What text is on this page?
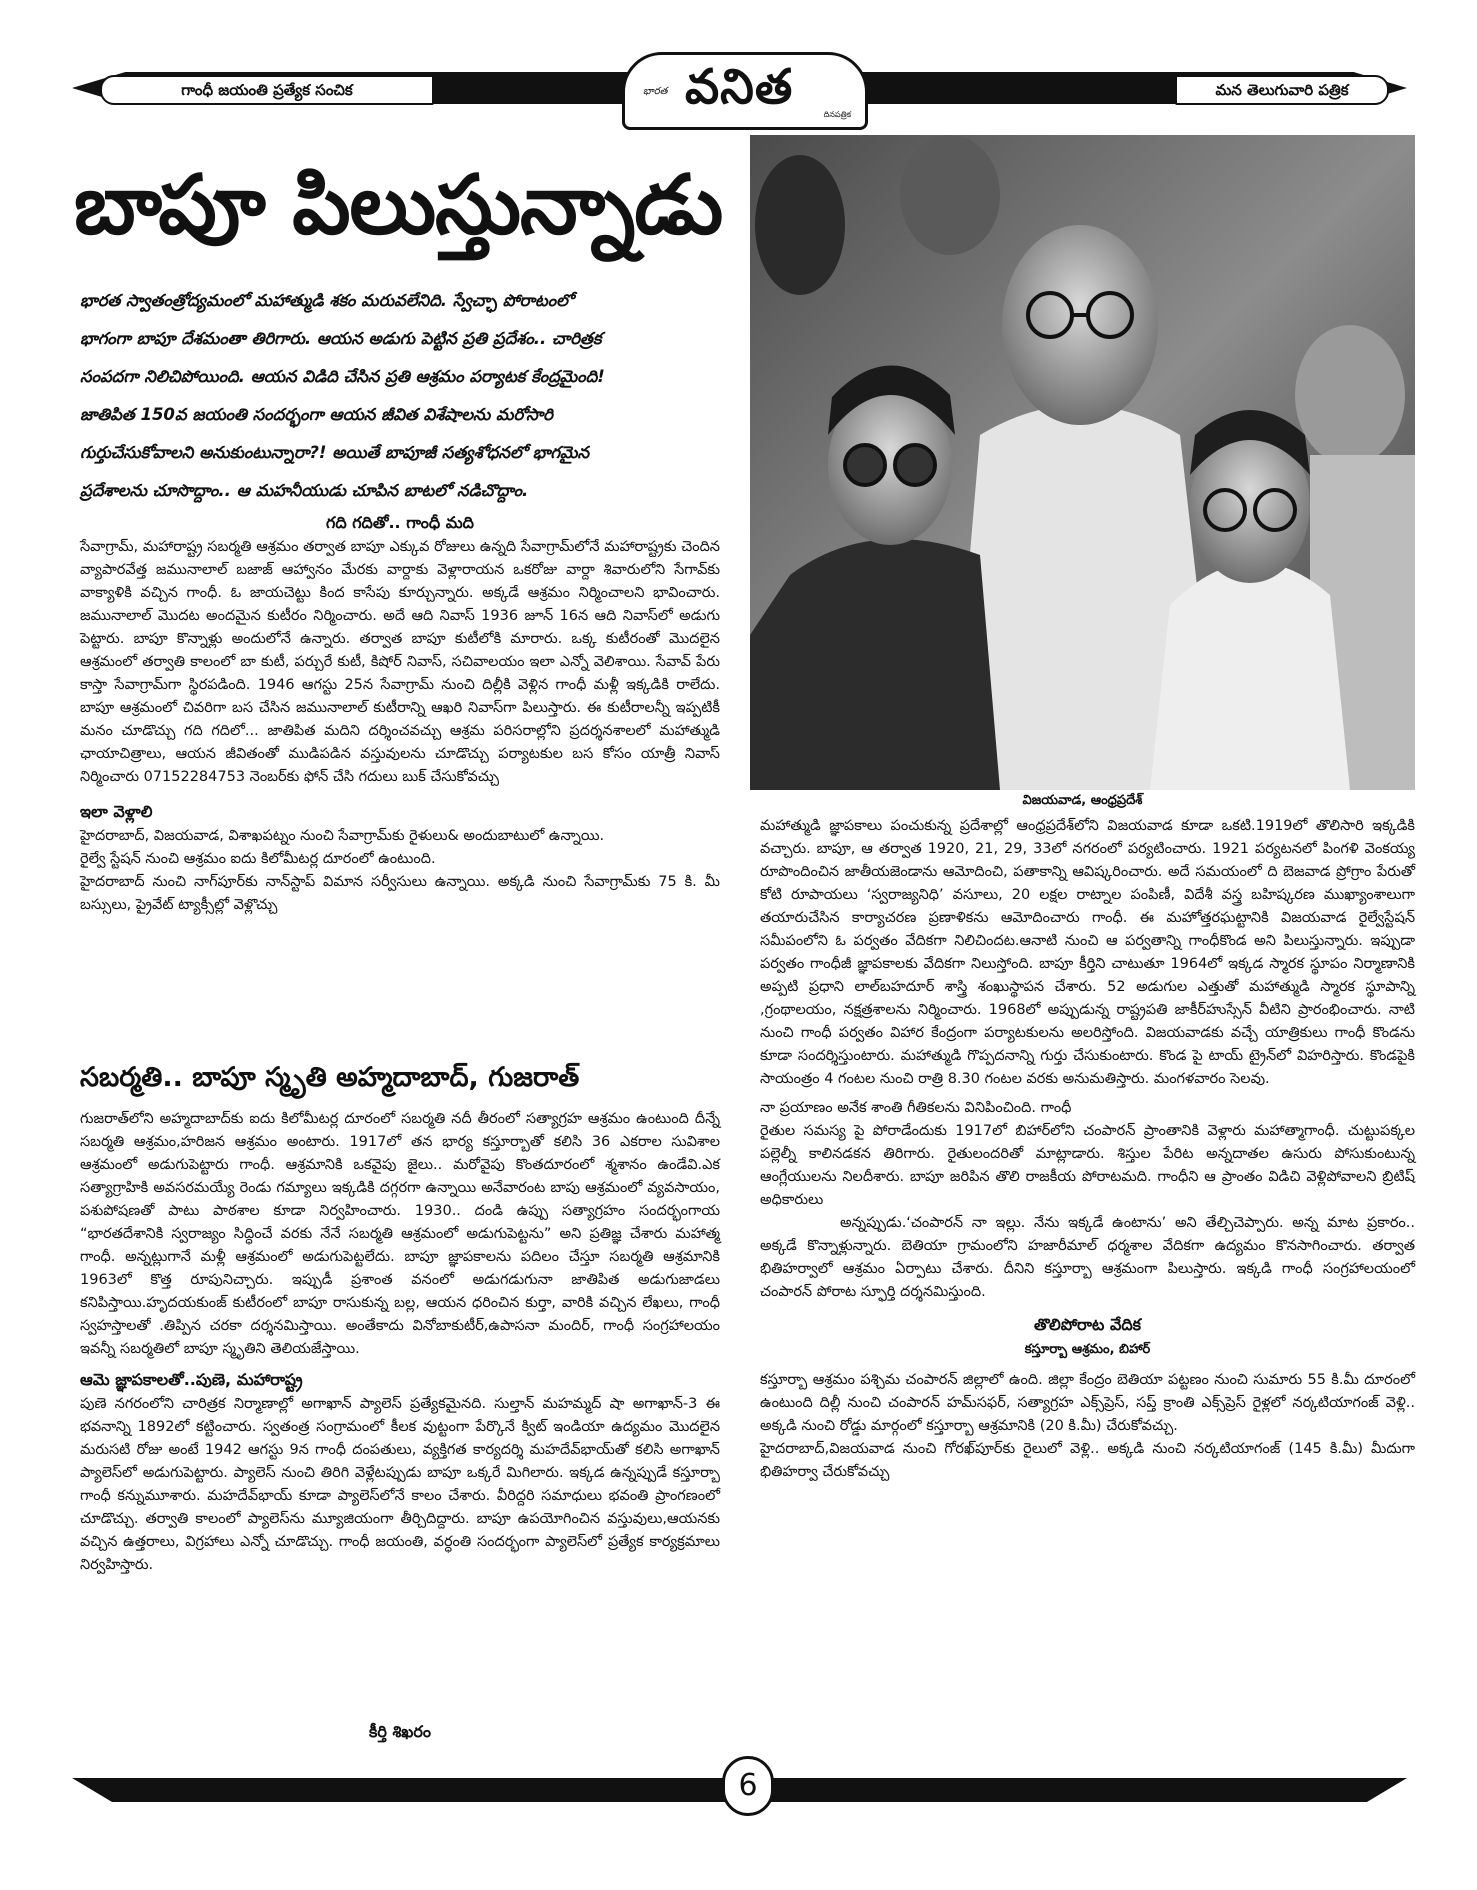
గాంధీ జయంతి ప్రత్యేక సంచిక	మన తెలుగువారి పత్రిక
భారత వనిత	దినపత్రిక
బాపూ పిలుస్తున్నాడు

భారత స్వాతంత్రోద్యమంలో మహాత్ముడి శకం మరువలేనిది. స్వేచ్ఛా పోరాటంలో

భాగంగా బాపూ దేశమంతా తిరిగారు. ఆయన అడుగు పెట్టిన ప్రతి ప్రదేశం.. చారిత్రక

సంపదగా నిలిచిపోయింది. ఆయన విడిది చేసిన ప్రతి ఆశ్రమం పర్యాటక కేంద్రమైంది!

జాతిపిత 150వ జయంతి సందర్భంగా ఆయన జీవిత విశేషాలను మరోసారి

గుర్తుచేసుకోవాలని అనుకుంటున్నారా?! అయితే బాపూజీ సత్యశోధనలో భాగమైన

ప్రదేశాలను చూసొద్దాం.. ఆ మహనీయుడు చూపిన బాటలో నడిచొద్దాం.

గది గదితో.. గాంధీ మది

సేవాగ్రామ్, మహారాష్ట్ర సబర్మతి ఆశ్రమం తర్వాత బాపూ ఎక్కువ రోజులు ఉన్నది సేవాగ్రామ్‌లోనే మహారాష్ట్రకు చెందిన వ్యాపారవేత్త జమునాలాల్ బజాజ్ ఆహ్వానం మేరకు వార్దాకు వెళ్లారాయన ఒకరోజు వార్దా శివారులోని సేగావ్‌కు వాక్యాళికి వచ్చిన గాంధీ. ఓ జాయచెట్టు కింద కాసేపు కూర్చున్నారు. అక్కడే ఆశ్రమం నిర్మించాలని భావించారు. జమునాలాల్ మొదట అందమైన కుటీరం నిర్మించారు. అదే ఆది నివాస్ 1936 జూన్ 16న ఆది నివాస్‌లో అడుగు పెట్టారు. బాపూ కొన్నాళ్లు అందులోనే ఉన్నారు. తర్వాత బాపూ కుటీలోకి మారారు. ఒక్క కుటీరంతో మొదలైన ఆశ్రమంలో తర్వాతి కాలంలో బా కుటీ, పర్చురే కుటీ, కిషోర్ నివాస్, సచివాలయం ఇలా ఎన్నో వెలిశాయి. సేవావ్ పేరు కాస్తా సేవాగ్రామ్‌గా స్థిరపడింది. 1946 ఆగస్టు 25న సేవాగ్రామ్ నుంచి దిల్లీకి వెళ్లిన గాంధీ మళ్లీ ఇక్కడికి రాలేదు. బాపూ ఆశ్రమంలో చివరిగా బస చేసిన జమునాలాల్ కుటీరాన్ని ఆఖరి నివాస్‌గా పిలుస్తారు. ఈ కుటీరాలన్నీ ఇప్పటికీ మనం చూడొచ్చు గది గదిలో... జాతిపిత మదిని దర్శించవచ్చు ఆశ్రమ పరిసరాల్లోని ప్రదర్శనశాలలో మహాత్ముడి ఛాయాచిత్రాలు, ఆయన జీవితంతో ముడిపడిన వస్తువులను చూడొచ్చు పర్యాటకుల బస కోసం యాత్రీ నివాస్ నిర్మించారు 07152284753 నెంబర్‌కు ఫోన్ చేసి గదులు బుక్ చేసుకోవచ్చు

ఇలా వెళ్లాలి

హైదరాబాద్, విజయవాడ, విశాఖపట్నం నుంచి సేవాగ్రామ్‌కు రైళులు& అందుబాటులో ఉన్నాయి.

రైల్వే స్టేషన్ నుంచి ఆశ్రమం ఐదు కిలోమీటర్ల దూరంలో ఉంటుంది.

హైదరాబాద్ నుంచి నాగ్‌పూర్‌కు నాన్‌స్టాప్ విమాన సర్వీసులు ఉన్నాయి. అక్కడి నుంచి సేవాగ్రామ్‌కు 75 కి. మీ బస్సులు, ప్రైవేట్ ట్యాక్సీల్లో వెళ్లొచ్చు

సబర్మతి.. బాపూ స్మృతి అహ్మదాబాద్, గుజరాత్

గుజరాత్‌లోని అహ్మదాబాద్‌కు ఐదు కిలోమీటర్ల దూరంలో సబర్మతి నదీ తీరంలో సత్యాగ్రహ ఆశ్రమం ఉంటుంది దీన్నే సబర్మతి ఆశ్రమం,హరిజన ఆశ్రమం అంటారు. 1917లో తన భార్య కస్తూర్బాతో కలిసి 36 ఎకరాల సువిశాల ఆశ్రమంలో అడుగుపెట్టారు గాంధీ. ఆశ్రమానికి ఒకవైపు జైలు.. మరోవైపు కొంతదూరంలో శ్మశానం ఉండేవి.ఎక సత్యాగ్రాహికి అవసరమయ్యే రెండు గమ్యాలు ఇక్కడికి దగ్గరగా ఉన్నాయి అనేవారంట బాపు ఆశ్రమంలో వ్యవసాయం, పశుపోషణతో పాటు పాఠశాల కూడా నిర్వహించారు. 1930.. దండి ఉప్పు సత్యాగ్రహం సందర్భంగాయ “భారతదేశానికి స్వరాజ్యం సిద్ధించే వరకు నేనే సబర్మతి ఆశ్రమంలో అడుగుపెట్టను” అని ప్రతిజ్ఞ చేశారు మహాత్మ గాంధీ. అన్నట్లుగానే మళ్లీ ఆశ్రమంలో అడుగుపెట్టలేదు. బాపూ జ్ఞాపకాలను పదిలం చేస్తూ సబర్మతి ఆశ్రమానికి 1963లో కొత్త రూపునిచ్చారు. ఇప్పుడీ ప్రశాంత వనంలో అడుగడుగునా జాతిపిత అడుగుజాడలు కనిపిస్తాయి.హృదయకుంజ్ కుటీరంలో బాపూ రాసుకున్న బల్ల, ఆయన ధరించిన కుర్తా, వారికి వచ్చిన లేఖలు, గాంధీ స్వహస్తాలతో .తిప్పిన చరకా దర్శనమిస్తాయి. అంతేకాదు వినోబాకుటీర్,ఉపాసనా మందిర్, గాంధీ సంగ్రహాలయం ఇవన్నీ సబర్మతిలో బాపూ స్మృతిని తెలియజేస్తాయి.

ఆమె జ్ఞాపకాలతో..పుణె, మహారాష్ట్ర

పుణె నగరంలోని చారిత్రక నిర్మాణాల్లో అగాఖాన్ ప్యాలెస్ ప్రత్యేకమైనది. సుల్తాన్ మహమ్మద్ షా అగాఖాన్-3 ఈ భవనాన్ని 1892లో కట్టించారు. స్వతంత్ర సంగ్రామంలో కీలక వుట్టంగా పేర్కొనే క్విట్ ఇండియా ఉద్యమం మొదలైన మరుసటి రోజు అంటే 1942 ఆగస్టు 9న గాంధీ దంపతులు, వ్యక్తిగత కార్యదర్శి మహదేవ్‌భాయ్‌తో కలిసి అగాఖాన్ ప్యాలెస్‌లో అడుగుపెట్టారు. ప్యాలెస్ నుంచి తిరిగి వెళ్లేటప్పుడు బాపూ ఒక్కరే మిగిలారు. ఇక్కడ ఉన్నప్పుడే కస్తూర్బా గాంధీ కన్నుమూశారు. మహదేవ్‌భాయ్ కూడా ప్యాలెస్‌లోనే కాలం చేశారు. వీరిద్దరి సమాధులు భవంతి ప్రాంగణంలో చూడొచ్చు. తర్వాతి కాలంలో ప్యాలెస్‌ను మ్యూజియంగా తీర్చిదిద్దారు. బాపూ ఉపయోగించిన వస్తువులు,ఆయనకు వచ్చిన ఉత్తరాలు, విగ్రహాలు ఎన్నో చూడొచ్చు. గాంధీ జయంతి, వర్ధంతి సందర్భంగా ప్యాలెస్‌లో ప్రత్యేక కార్యక్రమాలు నిర్వహిస్తారు.

కీర్తి శిఖరం
విజయవాడ, ఆంధ్రప్రదేశ్

మహాత్ముడి జ్ఞాపకాలు పంచుకున్న ప్రదేశాల్లో ఆంధ్రప్రదేశ్‌లోని విజయవాడ కూడా ఒకటి.1919లో తొలిసారి ఇక్కడికి వచ్చారు. బాపూ, ఆ తర్వాత 1920, 21, 29, 33లో నగరంలో పర్యటించారు. 1921 పర్యటనలో పింగళి వెంకయ్య రూపొందించిన జాతీయజెండాను ఆమోదించి, పతాకాన్ని ఆవిష్కరించారు. అదే సమయంలో ది బెజవాడ ప్రోగ్రాం పేరుతో కోటి రూపాయలు ‘స్వరాజ్యనిధి’ వసూలు, 20 లక్షల రాట్నాల పంపిణీ, విదేశీ వస్త్ర బహిష్కరణ ముఖ్యాంశాలుగా తయారుచేసిన కార్యాచరణ ప్రణాళికను ఆమోదించారు గాంధీ. ఈ మహోత్తరఘట్టానికి విజయవాడ రైల్వేస్టేషన్ సమీపంలోని ఓ పర్వతం వేదికగా నిలిచిందట.ఆనాటి నుంచి ఆ పర్వతాన్ని గాంధీకొండ అని పిలుస్తున్నారు. ఇప్పుడా పర్వతం గాంధీజీ జ్ఞాపకాలకు వేదికగా నిలుస్తోంది. బాపూ కీర్తిని చాటుతూ 1964లో ఇక్కడ స్మారక స్థూపం నిర్మాణానికి అప్పటి ప్రధాని లాల్‌బహదూర్ శాస్త్రి శంఖుస్థాపన చేశారు. 52 అడుగుల ఎత్తుతో మహాత్ముడి స్మారక స్థూపాన్ని ,గ్రంథాలయం, నక్షత్రశాలను నిర్మించారు. 1968లో అప్పుడున్న రాష్ట్రపతి జాకీర్‌హుస్సేన్ వీటిని ప్రారంభించారు. నాటి నుంచి గాంధీ పర్వతం విహార కేంద్రంగా పర్యాటకులను అలరిస్తోంది. విజయవాడకు వచ్చే యాత్రికులు గాంధీ కొండను కూడా సందర్శిస్తుంటారు. మహాత్ముడి గొప్పదనాన్ని గుర్తు చేసుకుంటారు. కొండ పై టాయ్ ట్రైన్‌లో విహరిస్తారు. కొండపైకి సాయంత్రం 4 గంటల నుంచి రాత్రి 8.30 గంటల వరకు అనుమతిస్తారు. మంగళవారం సెలవు.

నా ప్రయాణం అనేక శాంతి గీతికలను వినిపించింది. గాంధీ

రైతుల సమస్య పై పోరాడేందుకు 1917లో బిహార్‌లోని చంపారన్ ప్రాంతానికి వెళ్లారు మహాత్మాగాంధీ. చుట్టుపక్కల పల్లెల్నీ కాలినడకన తిరిగారు. రైతులందరితో మాట్లాడారు. శిస్తుల పేరిట అన్నదాతల ఉసురు పోసుకుంటున్న ఆంగ్లేయులను నిలదీశారు. బాపూ జరిపిన తొలి రాజకీయ పోరాటమది. గాంధీని ఆ ప్రాంతం విడిచి వెళ్లిపోవాలని బ్రిటిష్ అధికారులు

అన్నప్పుడు.‘చంపారన్ నా ఇల్లు. నేను ఇక్కడే ఉంటాను’ అని తేల్చిచెప్పారు. అన్న మాట ప్రకారం.. అక్కడే కొన్నాళ్లున్నారు. బెతియా గ్రామంలోని హజారీమాల్ ధర్మశాల వేదికగా ఉద్యమం కొనసాగించారు. తర్వాత భితిహర్వాలో ఆశ్రమం ఏర్పాటు చేశారు. దీనిని కస్తూర్బా ఆశ్రమంగా పిలుస్తారు. ఇక్కడి గాంధీ సంగ్రహాలయంలో చంపారన్ పోరాట స్ఫూర్తి దర్శనమిస్తుంది.

తొలిపోరాట వేదిక

కస్తూర్బా ఆశ్రమం, బిహార్

కస్తూర్బా ఆశ్రమం పశ్చిమ చంపారన్ జిల్లాలో ఉంది. జిల్లా కేంద్రం బెతియా పట్టణం నుంచి సుమారు 55 కి.మీ దూరంలో ఉంటుంది దిల్లీ నుంచి చంపారన్ హమ్‌సఫర్, సత్యాగ్రహ ఎక్స్‌ప్రెస్, సప్త్ క్రాంతి ఎక్స్‌ప్రెస్ రైళ్లలో నర్కటియాగంజ్ వెళ్లి.. అక్కడి నుంచి రోడ్డు మార్గంలో కస్తూర్బా ఆశ్రమానికి (20 కి.మీ) చేరుకోవచ్చు.

హైదరాబాద్,విజయవాడ నుంచి గోరఖ్‌పూర్‌కు రైలులో వెళ్లి.. అక్కడి నుంచి నర్కటియాగంజ్ (145 కి.మీ) మీదుగా భితిహర్వా చేరుకోవచ్చు

6
